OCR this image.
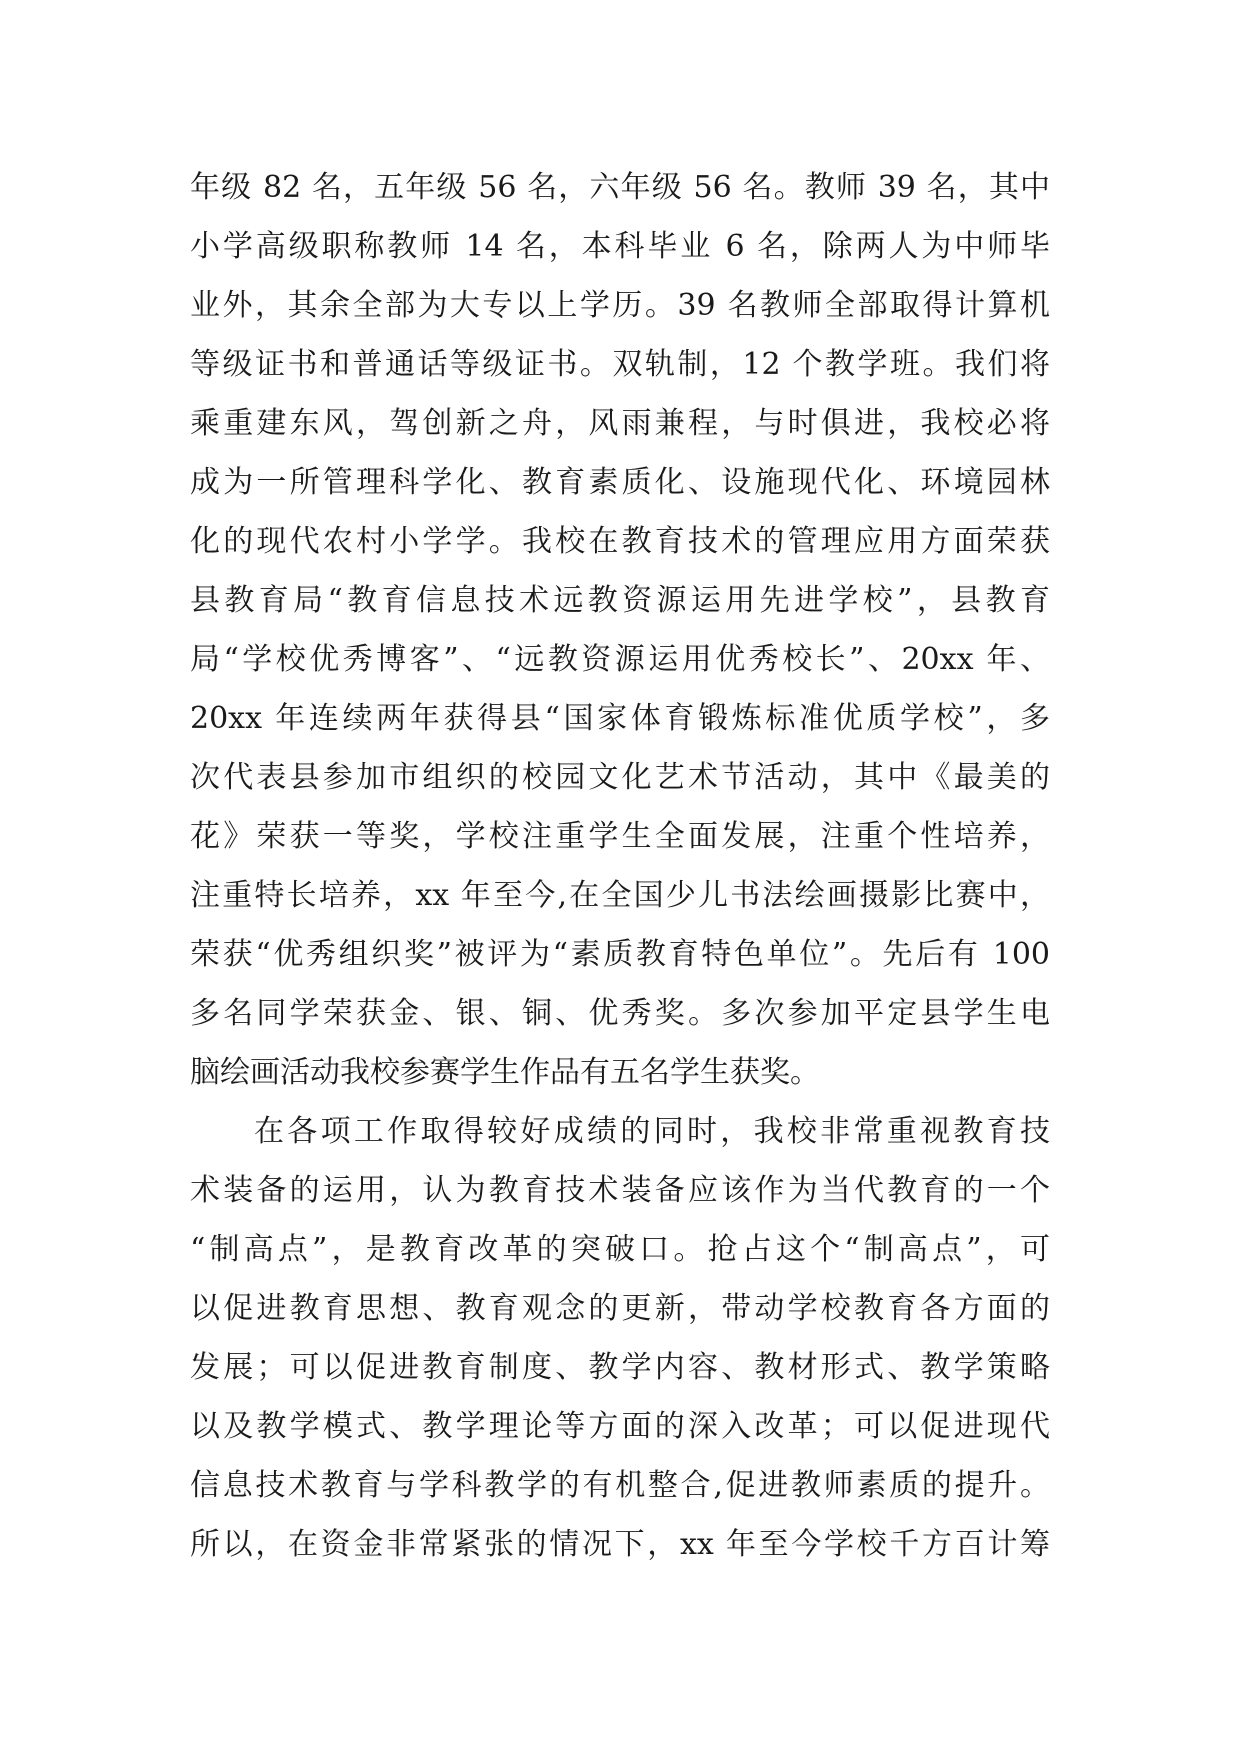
年级 82 名，五年级 56 名，六年级 56 名。教师 39 名，其中
小学高级职称教师 14 名，本科毕业 6 名，除两人为中师毕
业外，其余全部为大专以上学历。39 名教师全部取得计算机
等级证书和普通话等级证书。双轨制，12 个教学班。我们将
乘重建东风，驾创新之舟，风雨兼程，与时俱进，我校必将
成为一所管理科学化、教育素质化、设施现代化、环境园林
化的现代农村小学学。我校在教育技术的管理应用方面荣获
县教育局“教育信息技术远教资源运用先进学校”，县教育
局“学校优秀博客”、“远教资源运用优秀校长”、20xx 年、
20xx 年连续两年获得县“国家体育锻炼标准优质学校”，多
次代表县参加市组织的校园文化艺术节活动，其中《最美的
花》荣获一等奖，学校注重学生全面发展，注重个性培养，
注重特长培养，xx 年至今,在全国少儿书法绘画摄影比赛中，
荣获“优秀组织奖”被评为“素质教育特色单位”。先后有 100
多名同学荣获金、银、铜、优秀奖。多次参加平定县学生电
脑绘画活动我校参赛学生作品有五名学生获奖。
在各项工作取得较好成绩的同时，我校非常重视教育技
术装备的运用，认为教育技术装备应该作为当代教育的一个
“制高点”，是教育改革的突破口。抢占这个“制高点”，可
以促进教育思想、教育观念的更新，带动学校教育各方面的
发展；可以促进教育制度、教学内容、教材形式、教学策略
以及教学模式、教学理论等方面的深入改革；可以促进现代
信息技术教育与学科教学的有机整合,促进教师素质的提升。
所以，在资金非常紧张的情况下，xx 年至今学校千方百计筹
